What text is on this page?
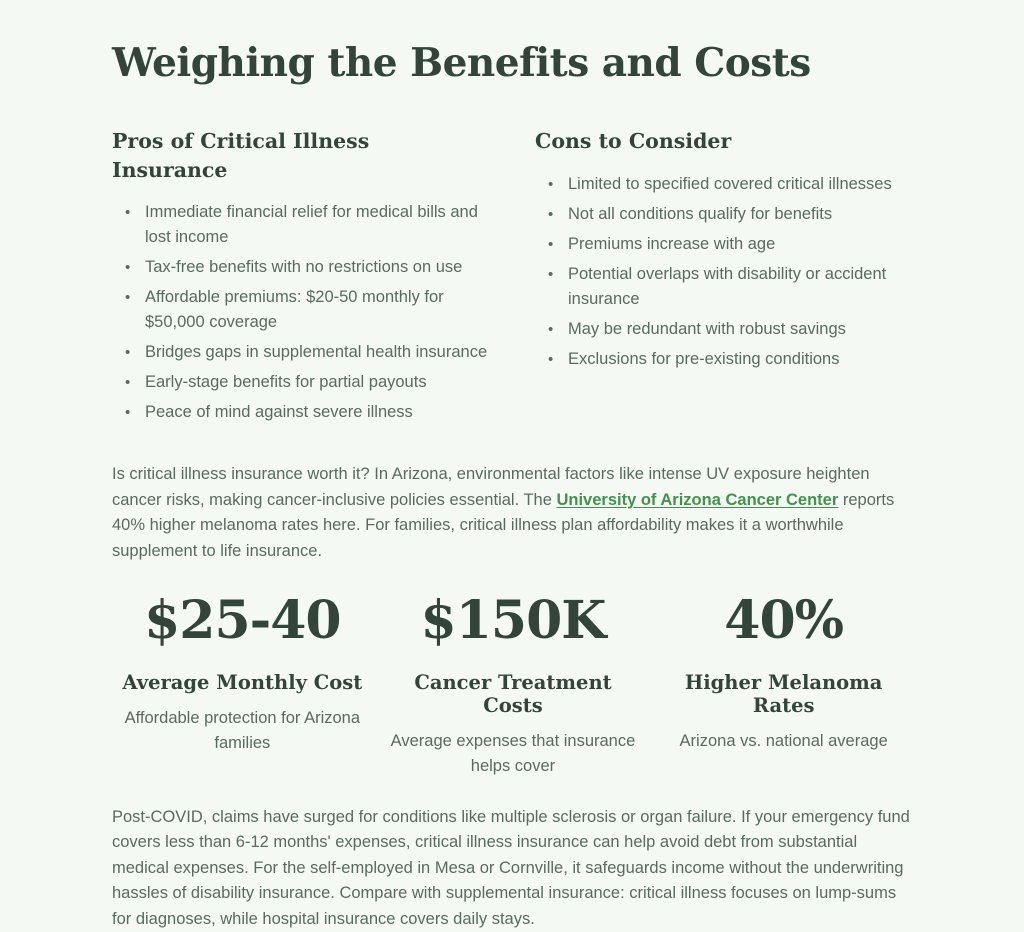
Weighing the Benefits and Costs
Pros of Critical Illness Insurance
• Immediate financial relief for medical bills and lost income
• Tax-free benefits with no restrictions on use
• Affordable premiums: $20-50 monthly for $50,000 coverage
• Bridges gaps in supplemental health insurance
• Early-stage benefits for partial payouts
• Peace of mind against severe illness
Cons to Consider
• Limited to specified covered critical illnesses
• Not all conditions qualify for benefits
• Premiums increase with age
• Potential overlaps with disability or accident insurance
• May be redundant with robust savings
• Exclusions for pre-existing conditions

Is critical illness insurance worth it? In Arizona, environmental factors like intense UV exposure heighten cancer risks, making cancer-inclusive policies essential. The University of Arizona Cancer Center reports 40% higher melanoma rates here. For families, critical illness plan affordability makes it a worthwhile supplement to life insurance.

$25-40
Average Monthly Cost
Affordable protection for Arizona families
$150K
Cancer Treatment Costs
Average expenses that insurance helps cover
40%
Higher Melanoma Rates
Arizona vs. national average

Post-COVID, claims have surged for conditions like multiple sclerosis or organ failure. If your emergency fund covers less than 6-12 months' expenses, critical illness insurance can help avoid debt from substantial medical expenses. For the self-employed in Mesa or Cornville, it safeguards income without the underwriting hassles of disability insurance. Compare with supplemental insurance: critical illness focuses on lump-sums for diagnoses, while hospital insurance covers daily stays.
